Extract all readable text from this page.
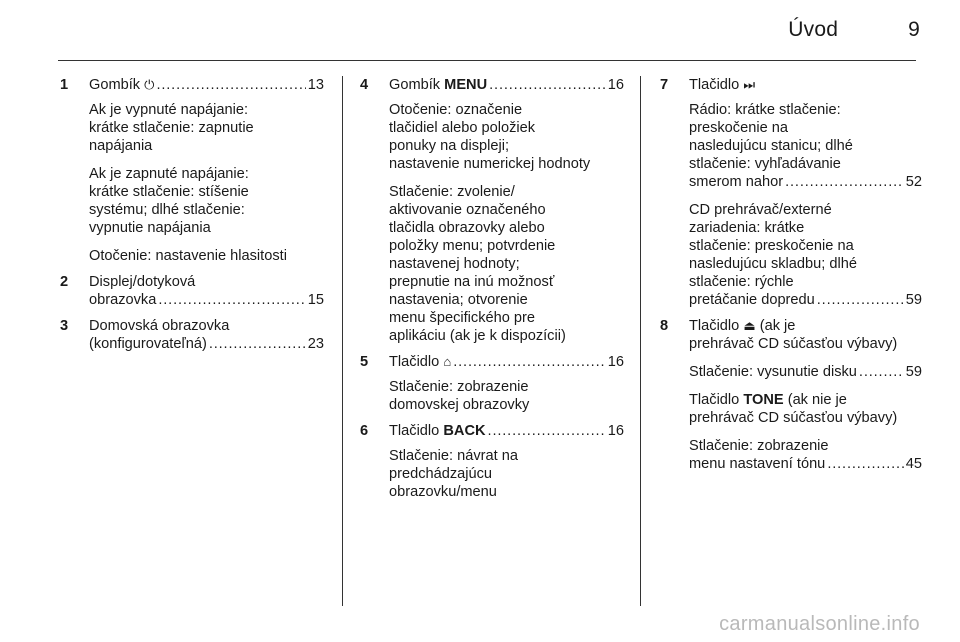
Úvod	9
1	Gombík ⏻ . . .	13
Ak je vypnuté napájanie:
krátke stlačenie: zapnutie
napájania
Ak je zapnuté napájanie:
krátke stlačenie: stíšenie
systému; dlhé stlačenie:
vypnutie napájania
Otočenie: nastavenie hlasitosti
2	Displej/dotyková
obrazovka . . .	15
3	Domovská obrazovka
(konfigurovateľná) . . .	23
4	Gombík MENU . . .	16
Otočenie: označenie
tlačidiel alebo položiek
ponuky na displeji;
nastavenie numerickej hodnoty
Stlačenie: zvolenie/
aktivovanie označeného
tlačidla obrazovky alebo
položky menu; potvrdenie
nastavenej hodnoty;
prepnutie na inú možnosť
nastavenia; otvorenie
menu špecifického pre
aplikáciu (ak je k dispozícii)
5	Tlačidlo ⌂ . . .	16
Stlačenie: zobrazenie
domovskej obrazovky
6	Tlačidlo BACK . . .	16
Stlačenie: návrat na
predchádzajúcu
obrazovku/menu
7	Tlačidlo ⏭
Rádio: krátke stlačenie:
preskočenie na
nasledujúcu stanicu; dlhé
stlačenie: vyhľadávanie
smerom nahor . . .	52
CD prehrávač/externé
zariadenia: krátke
stlačenie: preskočenie na
nasledujúcu skladbu; dlhé
stlačenie: rýchle
pretáčanie dopredu . . .	59
8	Tlačidlo ⏏ (ak je
prehrávač CD súčasťou výbavy)
Stlačenie: vysunutie disku . . .	59
Tlačidlo TONE (ak nie je
prehrávač CD súčasťou výbavy)
Stlačenie: zobrazenie
menu nastavení tónu . . .	45
carmanualsonline.info
